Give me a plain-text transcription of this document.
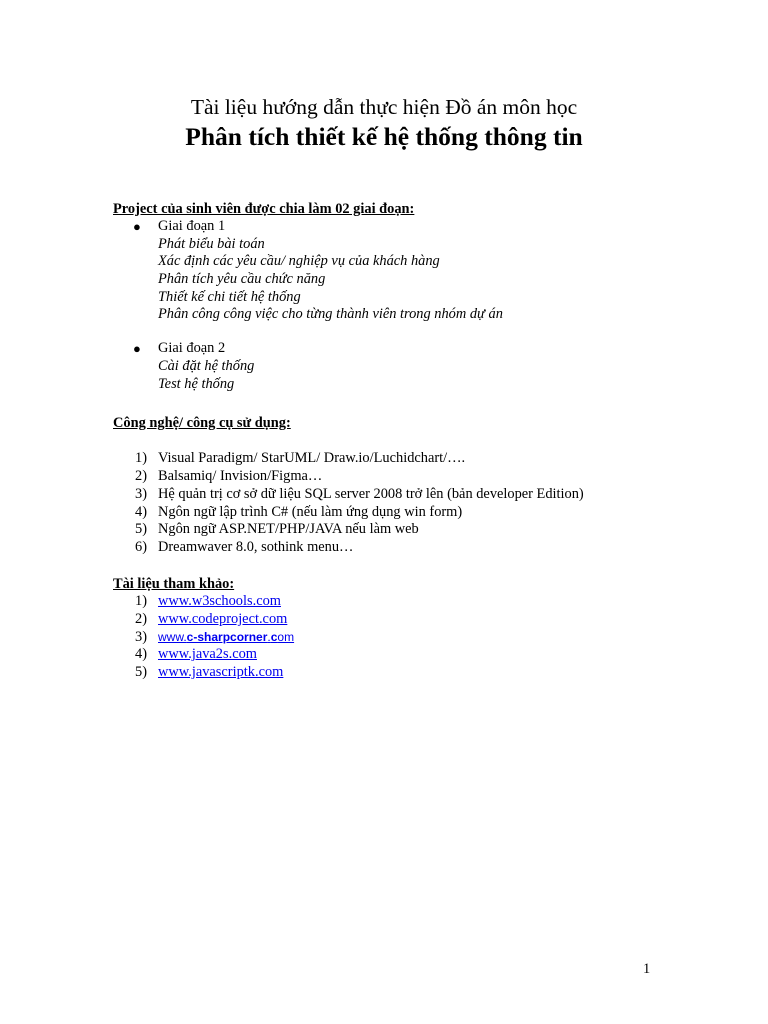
Tài liệu hướng dẫn thực hiện Đồ án môn học
Phân tích thiết kế hệ thống thông tin
Project của sinh viên được chia làm 02 giai đoạn:
● Giai đoạn 1
Phát biểu bài toán
Xác định các yêu cầu/ nghiệp vụ của khách hàng
Phân tích yêu cầu chức năng
Thiết kế chi tiết hệ thống
Phân công công việc cho từng thành viên trong nhóm dự án
● Giai đoạn 2
Cài đặt hệ thống
Test hệ thống
Công nghệ/ công cụ sử dụng:
1) Visual Paradigm/ StarUML/ Draw.io/Luchidchart/….
2) Balsamiq/ Invision/Figma…
3) Hệ quản trị cơ sở dữ liệu SQL server 2008 trở lên (bản developer Edition)
4) Ngôn ngữ lập trình C# (nếu làm ứng dụng win form)
5) Ngôn ngữ ASP.NET/PHP/JAVA nếu làm web
6) Dreamwaver 8.0, sothink menu…
Tài liệu tham khảo:
1) www.w3schools.com
2) www.codeproject.com
3) www.c-sharpcorner.com
4) www.java2s.com
5) www.javascriptk.com
1
